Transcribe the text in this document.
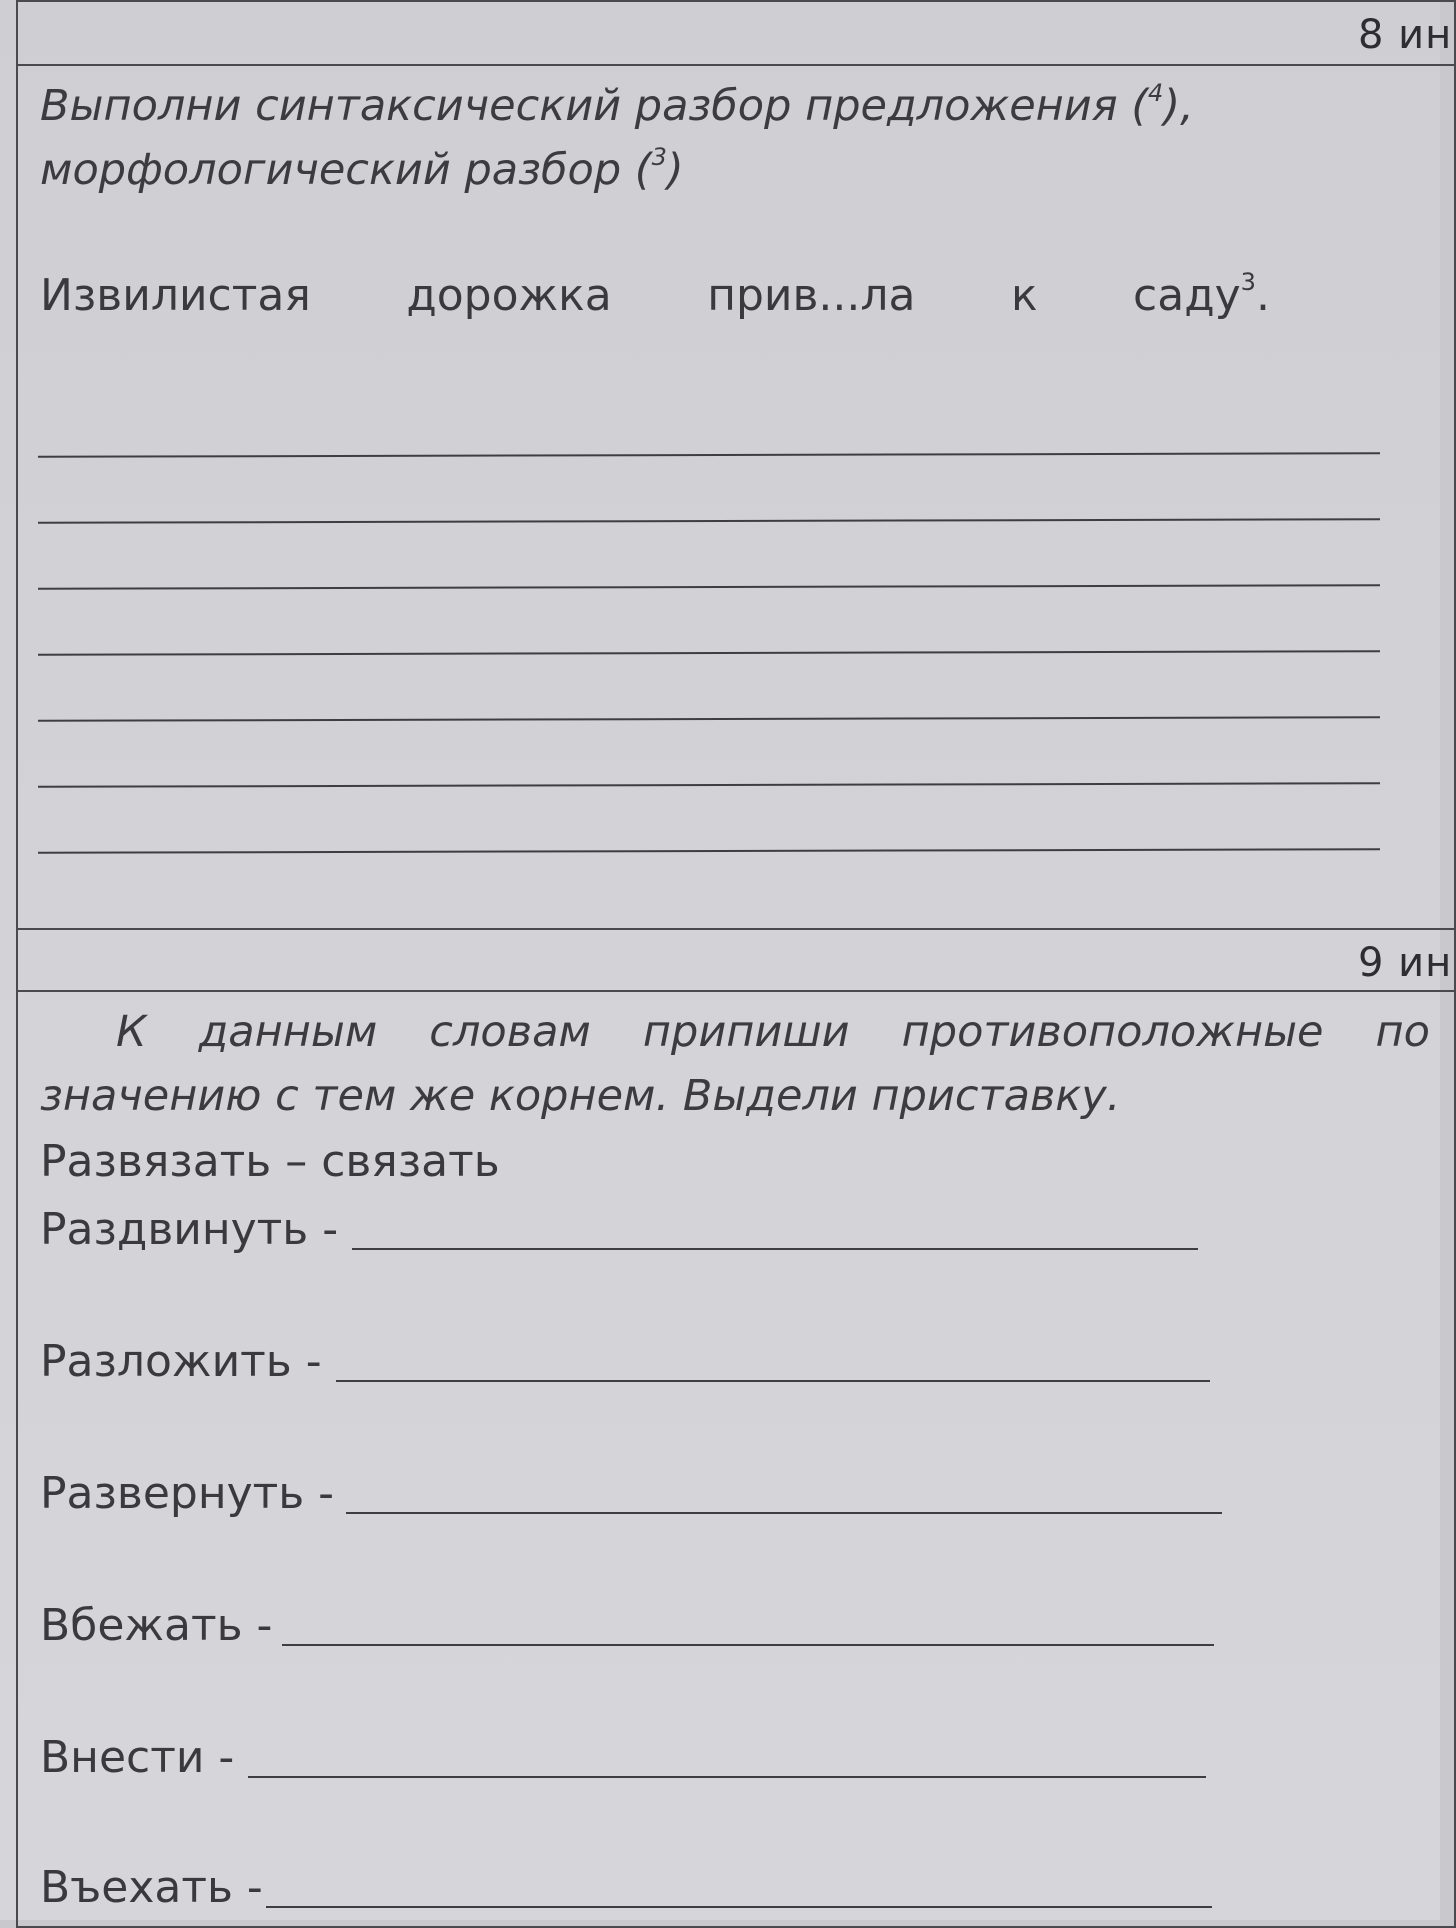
8 ин
Выполни синтаксический разбор предложения ($^4$),
морфологический разбор ($^3$)
Извилистая дорожка прив...ла к саду$^3$.
9 ин
К данным словам припиши противоположные по
значению с тем же корнем. Выдели приставку.
Развязать – связать
Раздвинуть -
Разложить -
Развернуть -
Вбежать -
Внести -
Въехать -
